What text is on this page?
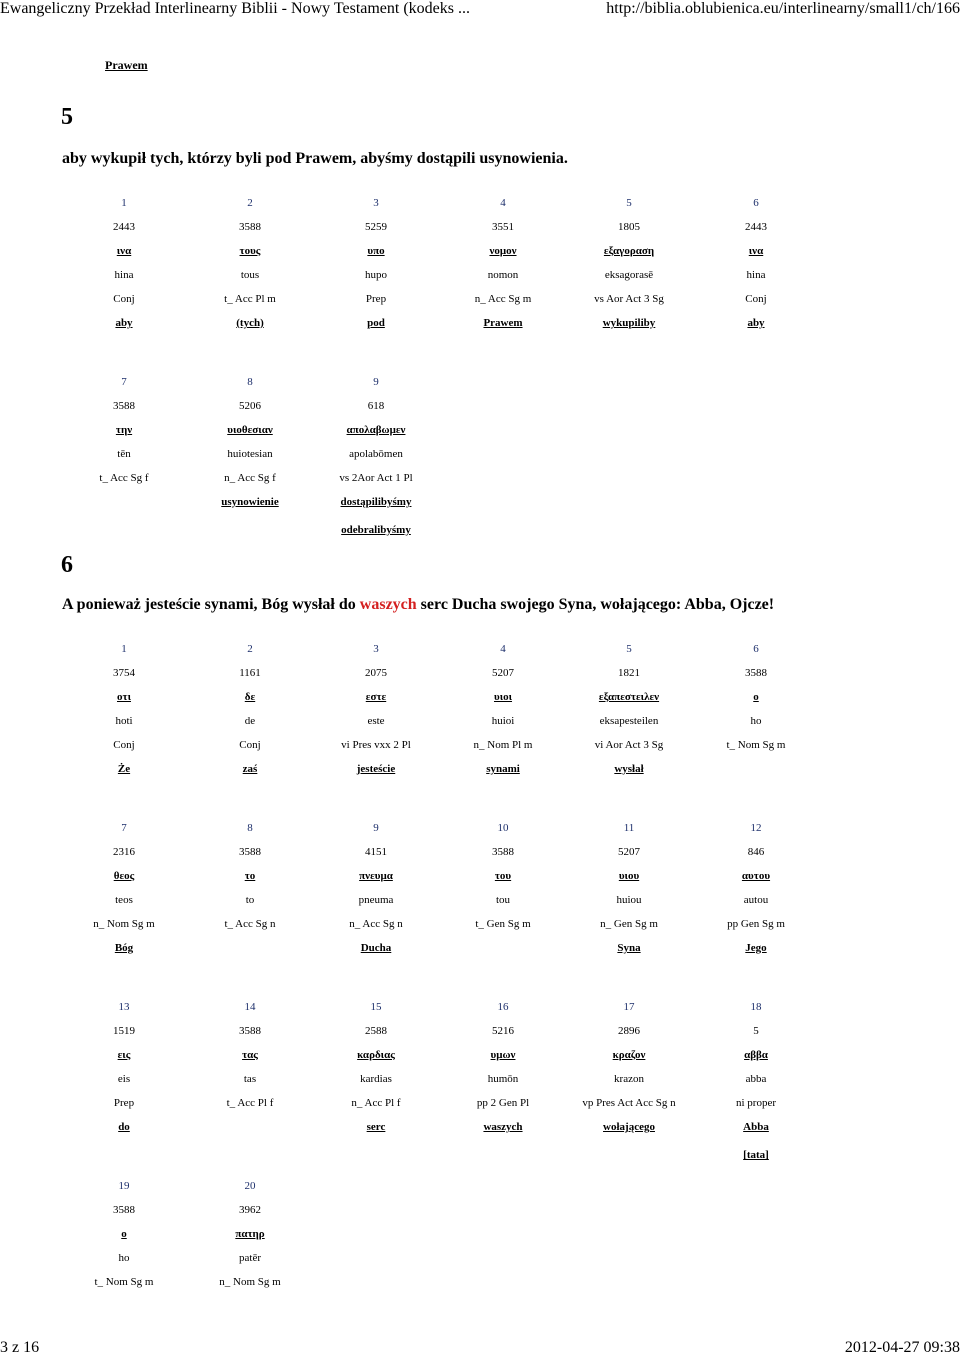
Ewangeliczny Przekład Interlinearny Biblii - Nowy Testament (kodeks ...	http://biblia.oblubienica.eu/interlinearny/small1/ch/166
Prawem
5
aby wykupił tych, którzy byli pod Prawem, abyśmy dostąpili usynowienia.
1
2443
ινα
hina
Conj
aby
2
3588
τους
tous
t_ Acc Pl m
(tych)
3
5259
υπο
hupo
Prep
pod
4
3551
νομον
nomon
n_ Acc Sg m
Prawem
5
1805
εξαγοραση
eksagorasē
vs Aor Act 3 Sg
wykupiliby
6
2443
ινα
hina
Conj
aby
7
3588
την
tēn
t_ Acc Sg f
8
5206
υιοθεσιαν
huiotesian
n_ Acc Sg f
usynowienie
9
618
απολαβωμεν
apolabōmen
vs 2Aor Act 1 Pl
dostąpilibyśmy
odebralibyśmy
6
A ponieważ jesteście synami, Bóg wysłał do waszych serc Ducha swojego Syna, wołającego: Abba, Ojcze!
1
3754
οτι
hoti
Conj
Że
2
1161
δε
de
Conj
zaś
3
2075
εστε
este
vi Pres vxx 2 Pl
jesteście
4
5207
υιοι
huioi
n_ Nom Pl m
synami
5
1821
εξαπεστειλεν
eksapesteilen
vi Aor Act 3 Sg
wysłał
6
3588
ο
ho
t_ Nom Sg m
7
2316
θεος
teos
n_ Nom Sg m
Bóg
8
3588
το
to
t_ Acc Sg n
9
4151
πνευμα
pneuma
n_ Acc Sg n
Ducha
10
3588
του
tou
t_ Gen Sg m
11
5207
υιου
huiou
n_ Gen Sg m
Syna
12
846
αυτου
autou
pp Gen Sg m
Jego
13
1519
εις
eis
Prep
do
14
3588
τας
tas
t_ Acc Pl f
15
2588
καρδιας
kardias
n_ Acc Pl f
serc
16
5216
υμων
humōn
pp 2 Gen Pl
waszych
17
2896
κραζον
krazon
vp Pres Act Acc Sg n
wołającego
18
5
αββα
abba
ni proper
Abba
[tata]
19
3588
ο
ho
t_ Nom Sg m
20
3962
πατηρ
patēr
n_ Nom Sg m
3 z 16	2012-04-27 09:38
